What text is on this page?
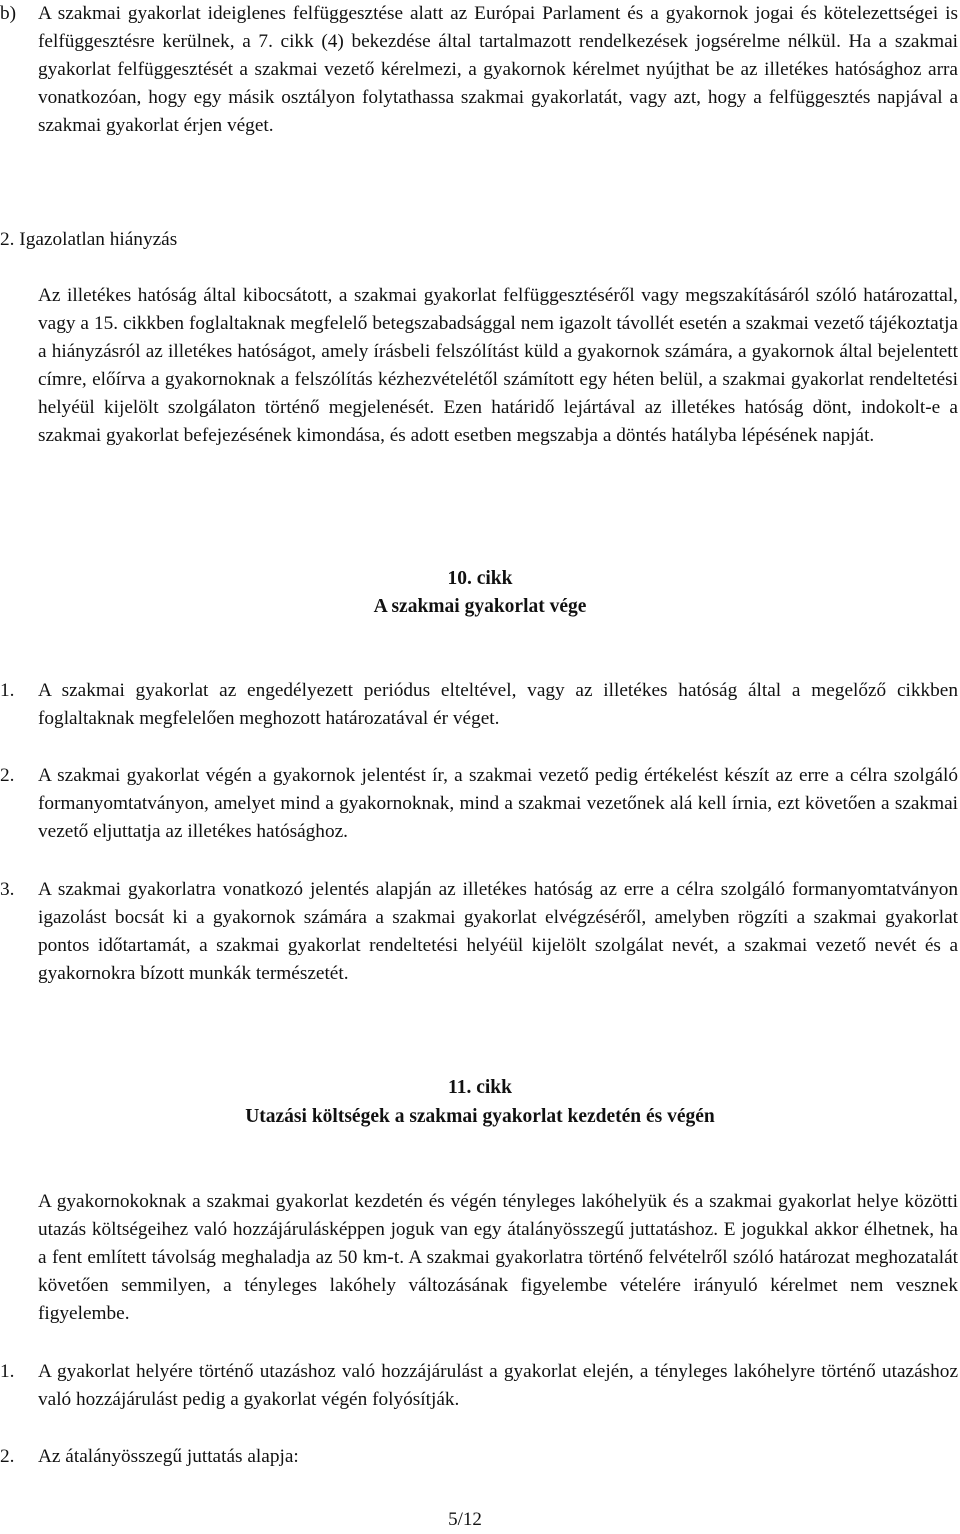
b) A szakmai gyakorlat ideiglenes felfüggesztése alatt az Európai Parlament és a gyakornok jogai és kötelezettségei is felfüggesztésre kerülnek, a 7. cikk (4) bekezdése által tartalmazott rendelkezések jogsérelme nélkül. Ha a szakmai gyakorlat felfüggesztését a szakmai vezető kérelmezi, a gyakornok kérelmet nyújthat be az illetékes hatósághoz arra vonatkozóan, hogy egy másik osztályon folytathassa szakmai gyakorlatát, vagy azt, hogy a felfüggesztés napjával a szakmai gyakorlat érjen véget.
2. Igazolatlan hiányzás
Az illetékes hatóság által kibocsátott, a szakmai gyakorlat felfüggesztéséről vagy megszakításáról szóló határozattal, vagy a 15. cikkben foglaltaknak megfelelő betegszabadsággal nem igazolt távollét esetén a szakmai vezető tájékoztatja a hiányzásról az illetékes hatóságot, amely írásbeli felszólítást küld a gyakornok számára, a gyakornok által bejelentett címre, előírva a gyakornoknak a felszólítás kézhezvételétől számított egy héten belül, a szakmai gyakorlat rendeltetési helyéül kijelölt szolgálaton történő megjelenését. Ezen határidő lejártával az illetékes hatóság dönt, indokolt-e a szakmai gyakorlat befejezésének kimondása, és adott esetben megszabja a döntés hatályba lépésének napját.
10. cikk
A szakmai gyakorlat vége
1. A szakmai gyakorlat az engedélyezett periódus elteltével, vagy az illetékes hatóság által a megelőző cikkben foglaltaknak megfelelően meghozott határozatával ér véget.
2. A szakmai gyakorlat végén a gyakornok jelentést ír, a szakmai vezető pedig értékelést készít az erre a célra szolgáló formanyomtatványon, amelyet mind a gyakornoknak, mind a szakmai vezetőnek alá kell írnia, ezt követően a szakmai vezető eljuttatja az illetékes hatósághoz.
3. A szakmai gyakorlatra vonatkozó jelentés alapján az illetékes hatóság az erre a célra szolgáló formanyomtatványon igazolást bocsát ki a gyakornok számára a szakmai gyakorlat elvégzéséről, amelyben rögzíti a szakmai gyakorlat pontos időtartamát, a szakmai gyakorlat rendeltetési helyéül kijelölt szolgálat nevét, a szakmai vezető nevét és a gyakornokra bízott munkák természetét.
11. cikk
Utazási költségek a szakmai gyakorlat kezdetén és végén
A gyakornokoknak a szakmai gyakorlat kezdetén és végén tényleges lakóhelyük és a szakmai gyakorlat helye közötti utazás költségeihez való hozzájárulásképpen joguk van egy átalányösszegű juttatáshoz. E jogukkal akkor élhetnek, ha a fent említett távolság meghaladja az 50 km-t. A szakmai gyakorlatra történő felvételről szóló határozat meghozatalát követően semmilyen, a tényleges lakóhely változásának figyelembe vételére irányuló kérelmet nem vesznek figyelembe.
1. A gyakorlat helyére történő utazáshoz való hozzájárulást a gyakorlat elején, a tényleges lakóhelyre történő utazáshoz való hozzájárulást pedig a gyakorlat végén folyósítják.
2. Az átalányösszegű juttatás alapja:
5/12
